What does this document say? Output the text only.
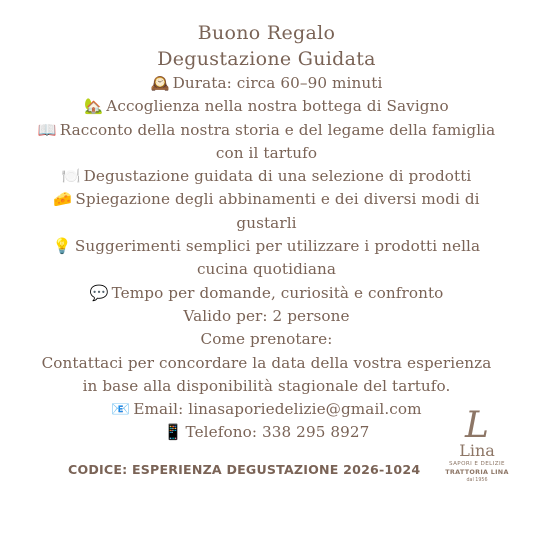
Buono Regalo
Degustazione Guidata
🕰️ Durata: circa 60–90 minuti
🏡 Accoglienza nella nostra bottega di Savigno
📖 Racconto della nostra storia e del legame della famiglia
con il tartufo
🍽️ Degustazione guidata di una selezione di prodotti
🧀 Spiegazione degli abbinamenti e dei diversi modi di
gustarli
💡 Suggerimenti semplici per utilizzare i prodotti nella
cucina quotidiana
💬 Tempo per domande, curiosità e confronto
Valido per: 2 persone
Come prenotare:
Contattaci per concordare la data della vostra esperienza
in base alla disponibilità stagionale del tartufo.
📧 Email: linasaporiedelizie@gmail.com
📱 Telefono: 338 295 8927
CODICE: ESPERIENZA DEGUSTAZIONE 2026-1024
L
Lina
SAPORI E DELIZIE
TRATTORIA LINA
dal 1956
